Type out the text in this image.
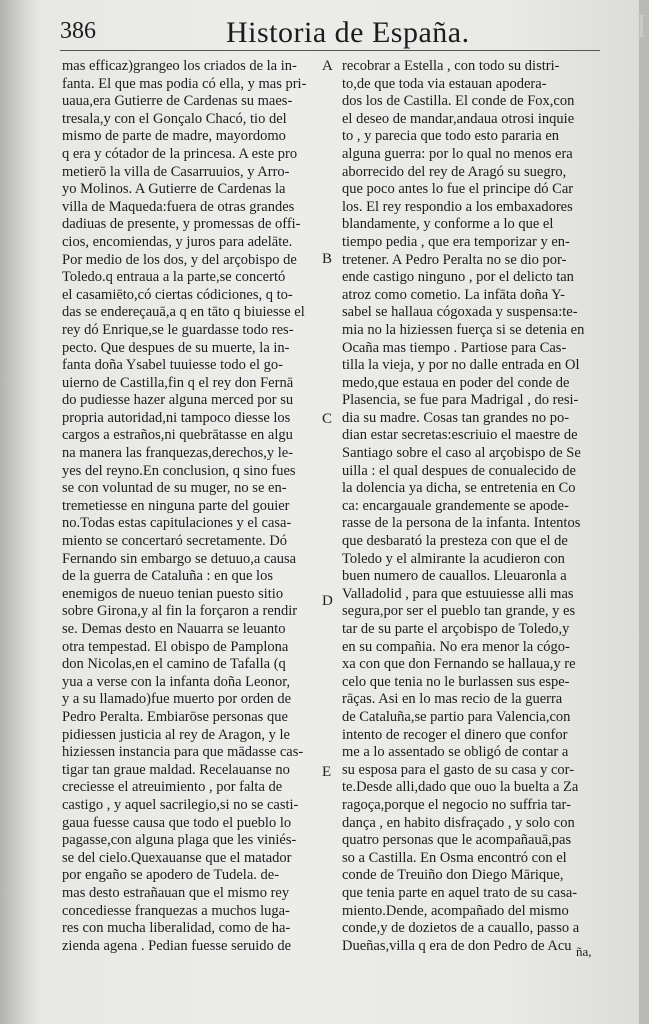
I
386	Historia de España.
mas efficaz)grangeo los criados de la in-
fanta. El que mas podia có ella, y mas pri-
uaua,era Gutierre de Cardenas su maes-
tresala,y con el Gonçalo Chacó, tio del
mismo de parte de madre, mayordomo
q era y cótador de la princesa. A este pro
metierō la villa de Casarruuios, y Arro-
yo Molinos. A Gutierre de Cardenas la
villa de Maqueda:fuera de otras grandes
dadiuas de presente, y promessas de offi-
cios, encomiendas, y juros para adelāte.
Por medio de los dos, y del arçobispo de
Toledo.q entraua a la parte,se concertó
el casamiēto,có ciertas códiciones, q to-
das se endereçauā,a q en tāto q biuiesse el
rey dó Enrique,se le guardasse todo res-
pecto. Que despues de su muerte, la in-
fanta doña Ysabel tuuiesse todo el go-
uierno de Castilla,fin q el rey don Fernā
do pudiesse hazer alguna merced por su
propria autoridad,ni tampoco diesse los
cargos a estraños,ni quebrātasse en algu
na manera las franquezas,derechos,y le-
yes del reyno.En conclusion, q sino fues
se con voluntad de su muger, no se en-
tremetiesse en ninguna parte del gouier
no.Todas estas capitulaciones y el casa-
miento se concertaró secretamente. Dó
Fernando sin embargo se detuuo,a causa
de la guerra de Cataluña : en que los
enemigos de nueuo tenian puesto sitio
sobre Girona,y al fin la forçaron a rendir
se. Demas desto en Nauarra se leuanto
otra tempestad. El obispo de Pamplona
don Nicolas,en el camino de Tafalla (q
yua a verse con la infanta doña Leonor,
y a su llamado)fue muerto por orden de
Pedro Peralta. Embiarōse personas que
pidiessen justicia al rey de Aragon, y le
hiziessen instancia para que mādasse cas-
tigar tan graue maldad. Recelauanse no
creciesse el atreuimiento , por falta de
castigo , y aquel sacrilegio,si no se casti-
gaua fuesse causa que todo el pueblo lo
pagasse,con alguna plaga que les viniés-
se del cielo.Quexauanse que el matador
por engaño se apodero de Tudela. de-
mas desto estrañauan que el mismo rey
concediesse franquezas a muchos luga-
res con mucha liberalidad, como de ha-
zienda agena . Pedian fuesse seruido de
recobrar a Estella , con todo su distri-
to,de que toda via estauan apodera-
dos los de Castilla. El conde de Fox,con
el deseo de mandar,andaua otrosi inquie
to , y parecia que todo esto pararia en
alguna guerra: por lo qual no menos era
aborrecido del rey de Aragó su suegro,
que poco antes lo fue el principe dó Car
los. El rey respondio a los embaxadores
blandamente, y conforme a lo que el
tiempo pedia , que era temporizar y en-
tretener. A Pedro Peralta no se dio por-
ende castigo ninguno , por el delicto tan
atroz como cometio. La infāta doña Y-
sabel se hallaua cógoxada y suspensa:te-
mia no la hiziessen fuerça si se detenia en
Ocaña mas tiempo . Partiose para Cas-
tilla la vieja, y por no dalle entrada en Ol
medo,que estaua en poder del conde de
Plasencia, se fue para Madrigal , do resi-
dia su madre. Cosas tan grandes no po-
dian estar secretas:escriuio el maestre de
Santiago sobre el caso al arçobispo de Se
uilla : el qual despues de conualecido de
la dolencia ya dicha, se entretenia en Co
ca: encargauale grandemente se apode-
rasse de la persona de la infanta. Intentos
que desbarató la presteza con que el de
Toledo y el almirante la acudieron con
buen numero de cauallos. Lleuaronla a
Valladolid , para que estuuiesse alli mas
segura,por ser el pueblo tan grande, y es
tar de su parte el arçobispo de Toledo,y
en su compañia. No era menor la cógo-
xa con que don Fernando se hallaua,y re
celo que tenia no le burlassen sus espe-
rāças. Asi en lo mas recio de la guerra
de Cataluña,se partio para Valencia,con
intento de recoger el dinero que confor
me a lo assentado se obligó de contar a
su esposa para el gasto de su casa y cor-
te.Desde alli,dado que ouo la buelta a Za
ragoça,porque el negocio no suffria tar-
dança , en habito disfraçado , y solo con
quatro personas que le acompañauā,pas
so a Castilla. En Osma encontró con el
conde de Treuiño don Diego Mārique,
que tenia parte en aquel trato de su casa-
miento.Dende, acompañado del mismo
conde,y de dozietos de a cauallo, passo a
Dueñas,villa q era de don Pedro de Acu
A
B
C
D
E
ña,
